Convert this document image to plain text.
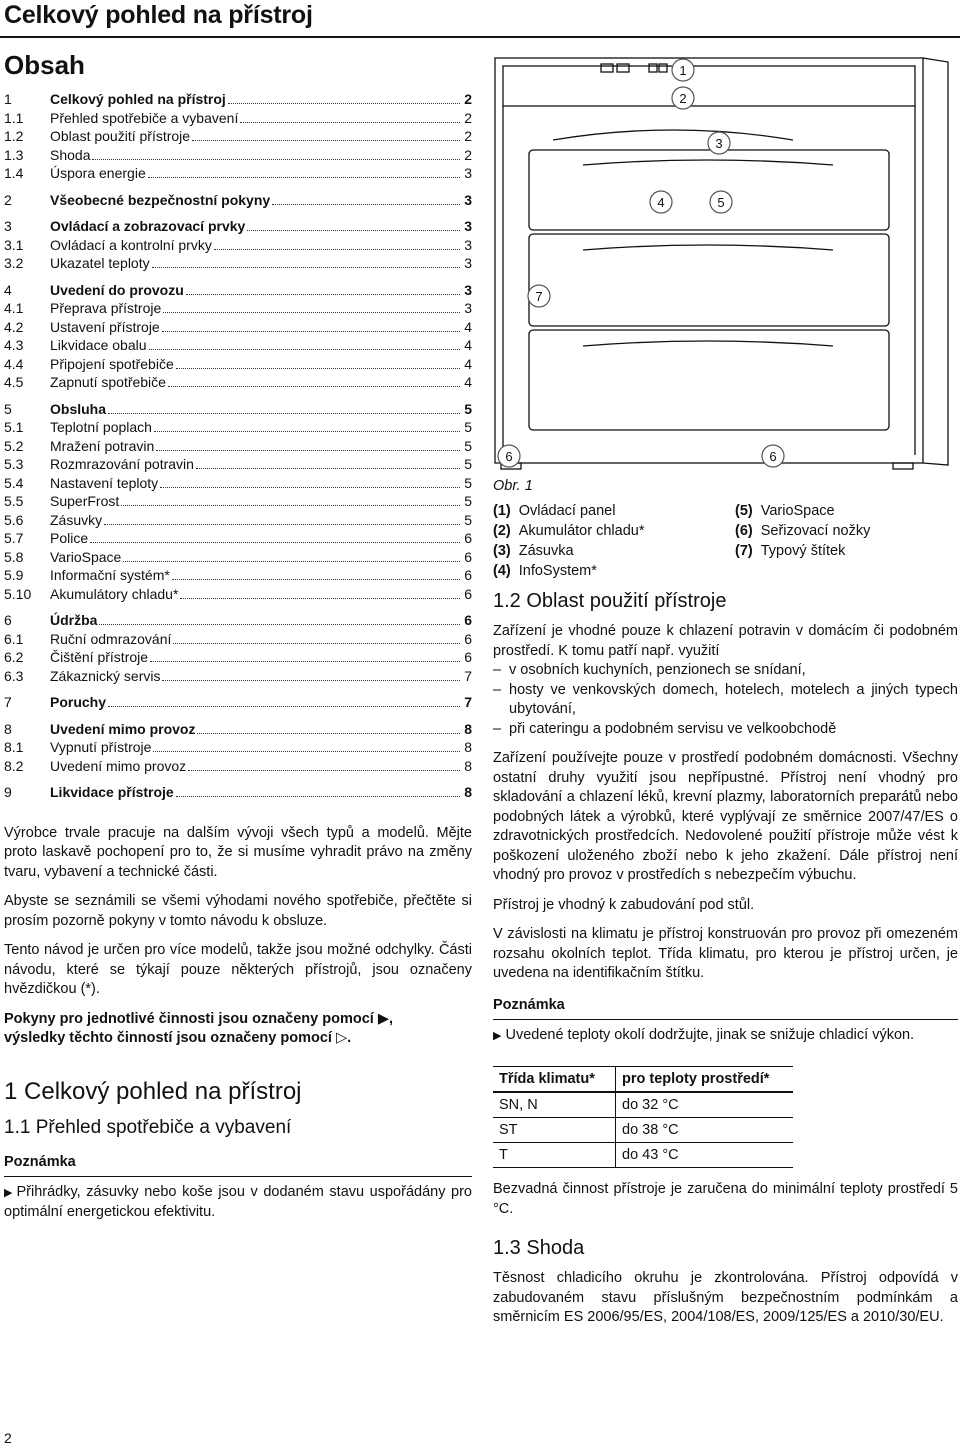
Celkový pohled na přístroj
Obsah
1	Celkový pohled na přístroj	2
1.1	Přehled spotřebiče a vybavení	2
1.2	Oblast použití přístroje	2
1.3	Shoda	2
1.4	Úspora energie	3
2	Všeobecné bezpečnostní pokyny	3
3	Ovládací a zobrazovací prvky	3
3.1	Ovládací a kontrolní prvky	3
3.2	Ukazatel teploty	3
4	Uvedení do provozu	3
4.1	Přeprava přístroje	3
4.2	Ustavení přístroje	4
4.3	Likvidace obalu	4
4.4	Připojení spotřebiče	4
4.5	Zapnutí spotřebiče	4
5	Obsluha	5
5.1	Teplotní poplach	5
5.2	Mražení potravin	5
5.3	Rozmrazování potravin	5
5.4	Nastavení teploty	5
5.5	SuperFrost	5
5.6	Zásuvky	5
5.7	Police	6
5.8	VarioSpace	6
5.9	Informační systém*	6
5.10	Akumulátory chladu*	6
6	Údržba	6
6.1	Ruční odmrazování	6
6.2	Čištění přístroje	6
6.3	Zákaznický servis	7
7	Poruchy	7
8	Uvedení mimo provoz	8
8.1	Vypnutí přístroje	8
8.2	Uvedení mimo provoz	8
9	Likvidace přístroje	8

Výrobce trvale pracuje na dalším vývoji všech typů a modelů. Mějte proto laskavě pochopení pro to, že si musíme vyhradit právo na změny tvaru, vybavení a technické části.

Abyste se seznámili se všemi výhodami nového spotřebiče, přečtěte si prosím pozorně pokyny v tomto návodu k obsluze.

Tento návod je určen pro více modelů, takže jsou možné odchylky. Části návodu, které se týkají pouze některých přístrojů, jsou označeny hvězdičkou (*).

Pokyny pro jednotlivé činnosti jsou označeny pomocí ▶,
výsledky těchto činností jsou označeny pomocí ▷.

1 Celkový pohled na přístroj
1.1 Přehled spotřebiče a vybavení
Poznámka
▶ Přihrádky, zásuvky nebo koše jsou v dodaném stavu uspořádány pro optimální energetickou efektivitu.
1
2
3
4	5
6	6
7
Obr. 1
(1) Ovládací panel
(2) Akumulátor chladu*
(3) Zásuvka
(4) InfoSystem*
(5) VarioSpace
(6) Seřizovací nožky
(7) Typový štítek
1.2 Oblast použití přístroje

Zařízení je vhodné pouze k chlazení potravin v domácím či podobném prostředí. K tomu patří např. využití

– v osobních kuchyních, penzionech se snídaní,
– hosty ve venkovských domech, hotelech, motelech a jiných typech ubytování,
– při cateringu a podobném servisu ve velkoobchodě

Zařízení používejte pouze v prostředí podobném domácnosti. Všechny ostatní druhy využití jsou nepřípustné. Přístroj není vhodný pro skladování a chlazení léků, krevní plazmy, laboratorních preparátů nebo podobných látek a výrobků, které vyplývají ze směrnice 2007/47/ES o zdravotnických prostředcích. Nedovolené použití přístroje může vést k poškození uloženého zboží nebo k jeho zkažení. Dále přístroj není vhodný pro provoz v prostředích s nebezpečím výbuchu.

Přístroj je vhodný k zabudování pod stůl.

V závislosti na klimatu je přístroj konstruován pro provoz při omezeném rozsahu okolních teplot. Třída klimatu, pro kterou je přístroj určen, je uvedena na identifikačním štítku.

Poznámka
▶ Uvedené teploty okolí dodržujte, jinak se snižuje chladicí výkon.
Třída klimatu*	pro teploty prostředí*
SN, N	do 32 °C
ST	do 38 °C
T	do 43 °C

Bezvadná činnost přístroje je zaručena do minimální teploty prostředí 5 °C.

1.3 Shoda

Těsnost chladicího okruhu je zkontrolována. Přístroj odpovídá v zabudovaném stavu příslušným bezpečnostním podmínkám a směrnicím ES 2006/95/ES, 2004/108/ES, 2009/125/ES a 2010/30/EU.

2
